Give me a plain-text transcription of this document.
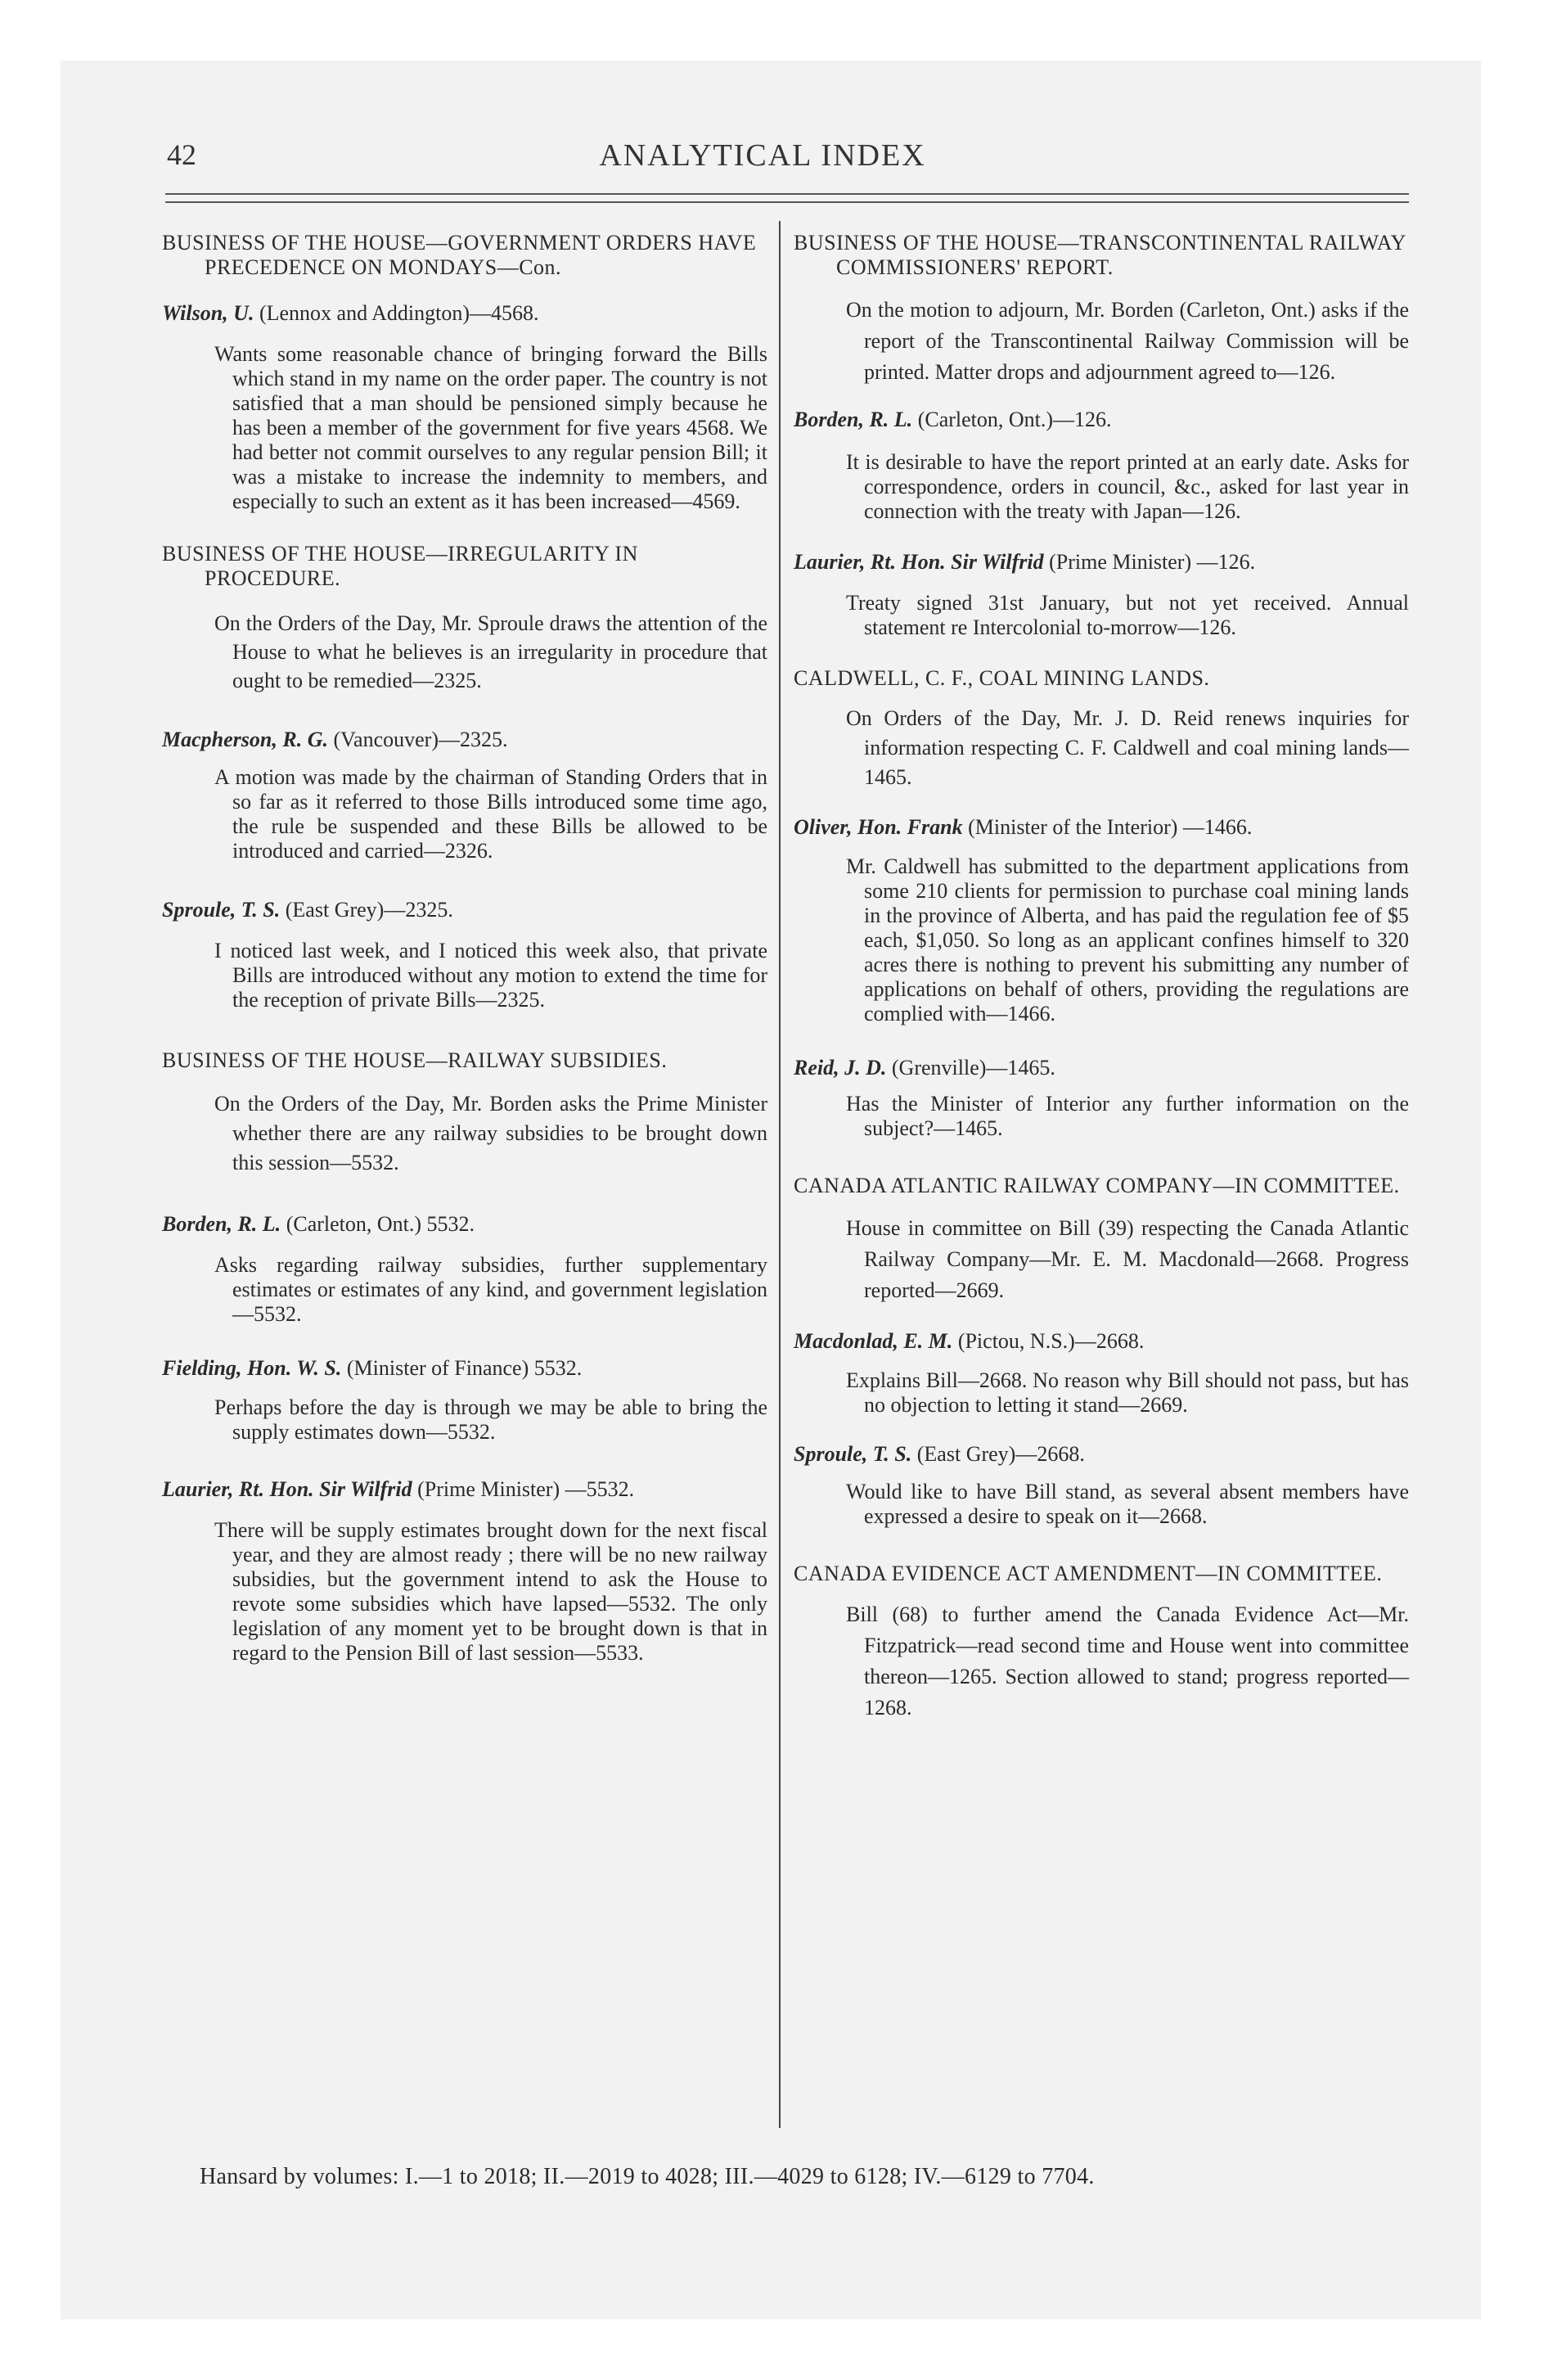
42	ANALYTICAL INDEX

BUSINESS OF THE HOUSE—GOVERNMENT ORDERS HAVE PRECEDENCE ON MONDAYS—Con.

Wilson, U. (Lennox and Addington)—4568.

Wants some reasonable chance of bringing forward the Bills which stand in my name on the order paper. The country is not satisfied that a man should be pensioned simply because he has been a member of the government for five years 4568. We had better not commit ourselves to any regular pension Bill; it was a mistake to increase the indemnity to members, and especially to such an extent as it has been increased—4569.

BUSINESS OF THE HOUSE—IRREGULARITY IN PROCEDURE.

On the Orders of the Day, Mr. Sproule draws the attention of the House to what he believes is an irregularity in procedure that ought to be remedied—2325.

Macpherson, R. G. (Vancouver)—2325.

A motion was made by the chairman of Standing Orders that in so far as it referred to those Bills introduced some time ago, the rule be suspended and these Bills be allowed to be introduced and carried—2326.

Sproule, T. S. (East Grey)—2325.

I noticed last week, and I noticed this week also, that private Bills are introduced without any motion to extend the time for the reception of private Bills—2325.

BUSINESS OF THE HOUSE—RAILWAY SUBSIDIES.

On the Orders of the Day, Mr. Borden asks the Prime Minister whether there are any railway subsidies to be brought down this session—5532.

Borden, R. L. (Carleton, Ont.) 5532.

Asks regarding railway subsidies, further supplementary estimates or estimates of any kind, and government legislation—5532.

Fielding, Hon. W. S. (Minister of Finance) 5532.

Perhaps before the day is through we may be able to bring the supply estimates down—5532.

Laurier, Rt. Hon. Sir Wilfrid (Prime Minister) —5532.

There will be supply estimates brought down for the next fiscal year, and they are almost ready ; there will be no new railway subsidies, but the government intend to ask the House to revote some subsidies which have lapsed—5532. The only legislation of any moment yet to be brought down is that in regard to the Pension Bill of last session—5533.

BUSINESS OF THE HOUSE—TRANSCONTINENTAL RAILWAY COMMISSIONERS' REPORT.

On the motion to adjourn, Mr. Borden (Carleton, Ont.) asks if the report of the Transcontinental Railway Commission will be printed. Matter drops and adjournment agreed to—126.

Borden, R. L. (Carleton, Ont.)—126.

It is desirable to have the report printed at an early date. Asks for correspondence, orders in council, &c., asked for last year in connection with the treaty with Japan—126.

Laurier, Rt. Hon. Sir Wilfrid (Prime Minister) —126.

Treaty signed 31st January, but not yet received. Annual statement re Intercolonial to-morrow—126.

CALDWELL, C. F., COAL MINING LANDS.

On Orders of the Day, Mr. J. D. Reid renews inquiries for information respecting C. F. Caldwell and coal mining lands—1465.

Oliver, Hon. Frank (Minister of the Interior) —1466.

Mr. Caldwell has submitted to the department applications from some 210 clients for permission to purchase coal mining lands in the province of Alberta, and has paid the regulation fee of $5 each, $1,050. So long as an applicant confines himself to 320 acres there is nothing to prevent his submitting any number of applications on behalf of others, providing the regulations are complied with—1466.

Reid, J. D. (Grenville)—1465.

Has the Minister of Interior any further information on the subject?—1465.

CANADA ATLANTIC RAILWAY COMPANY—IN COMMITTEE.

House in committee on Bill (39) respecting the Canada Atlantic Railway Company—Mr. E. M. Macdonald—2668. Progress reported—2669.

Macdonlad, E. M. (Pictou, N.S.)—2668.

Explains Bill—2668. No reason why Bill should not pass, but has no objection to letting it stand—2669.

Sproule, T. S. (East Grey)—2668.

Would like to have Bill stand, as several absent members have expressed a desire to speak on it—2668.

CANADA EVIDENCE ACT AMENDMENT—IN COMMITTEE.

Bill (68) to further amend the Canada Evidence Act—Mr. Fitzpatrick—read second time and House went into committee thereon—1265. Section allowed to stand; progress reported—1268.

Hansard by volumes: I.—1 to 2018; II.—2019 to 4028; III.—4029 to 6128; IV.—6129 to 7704.
